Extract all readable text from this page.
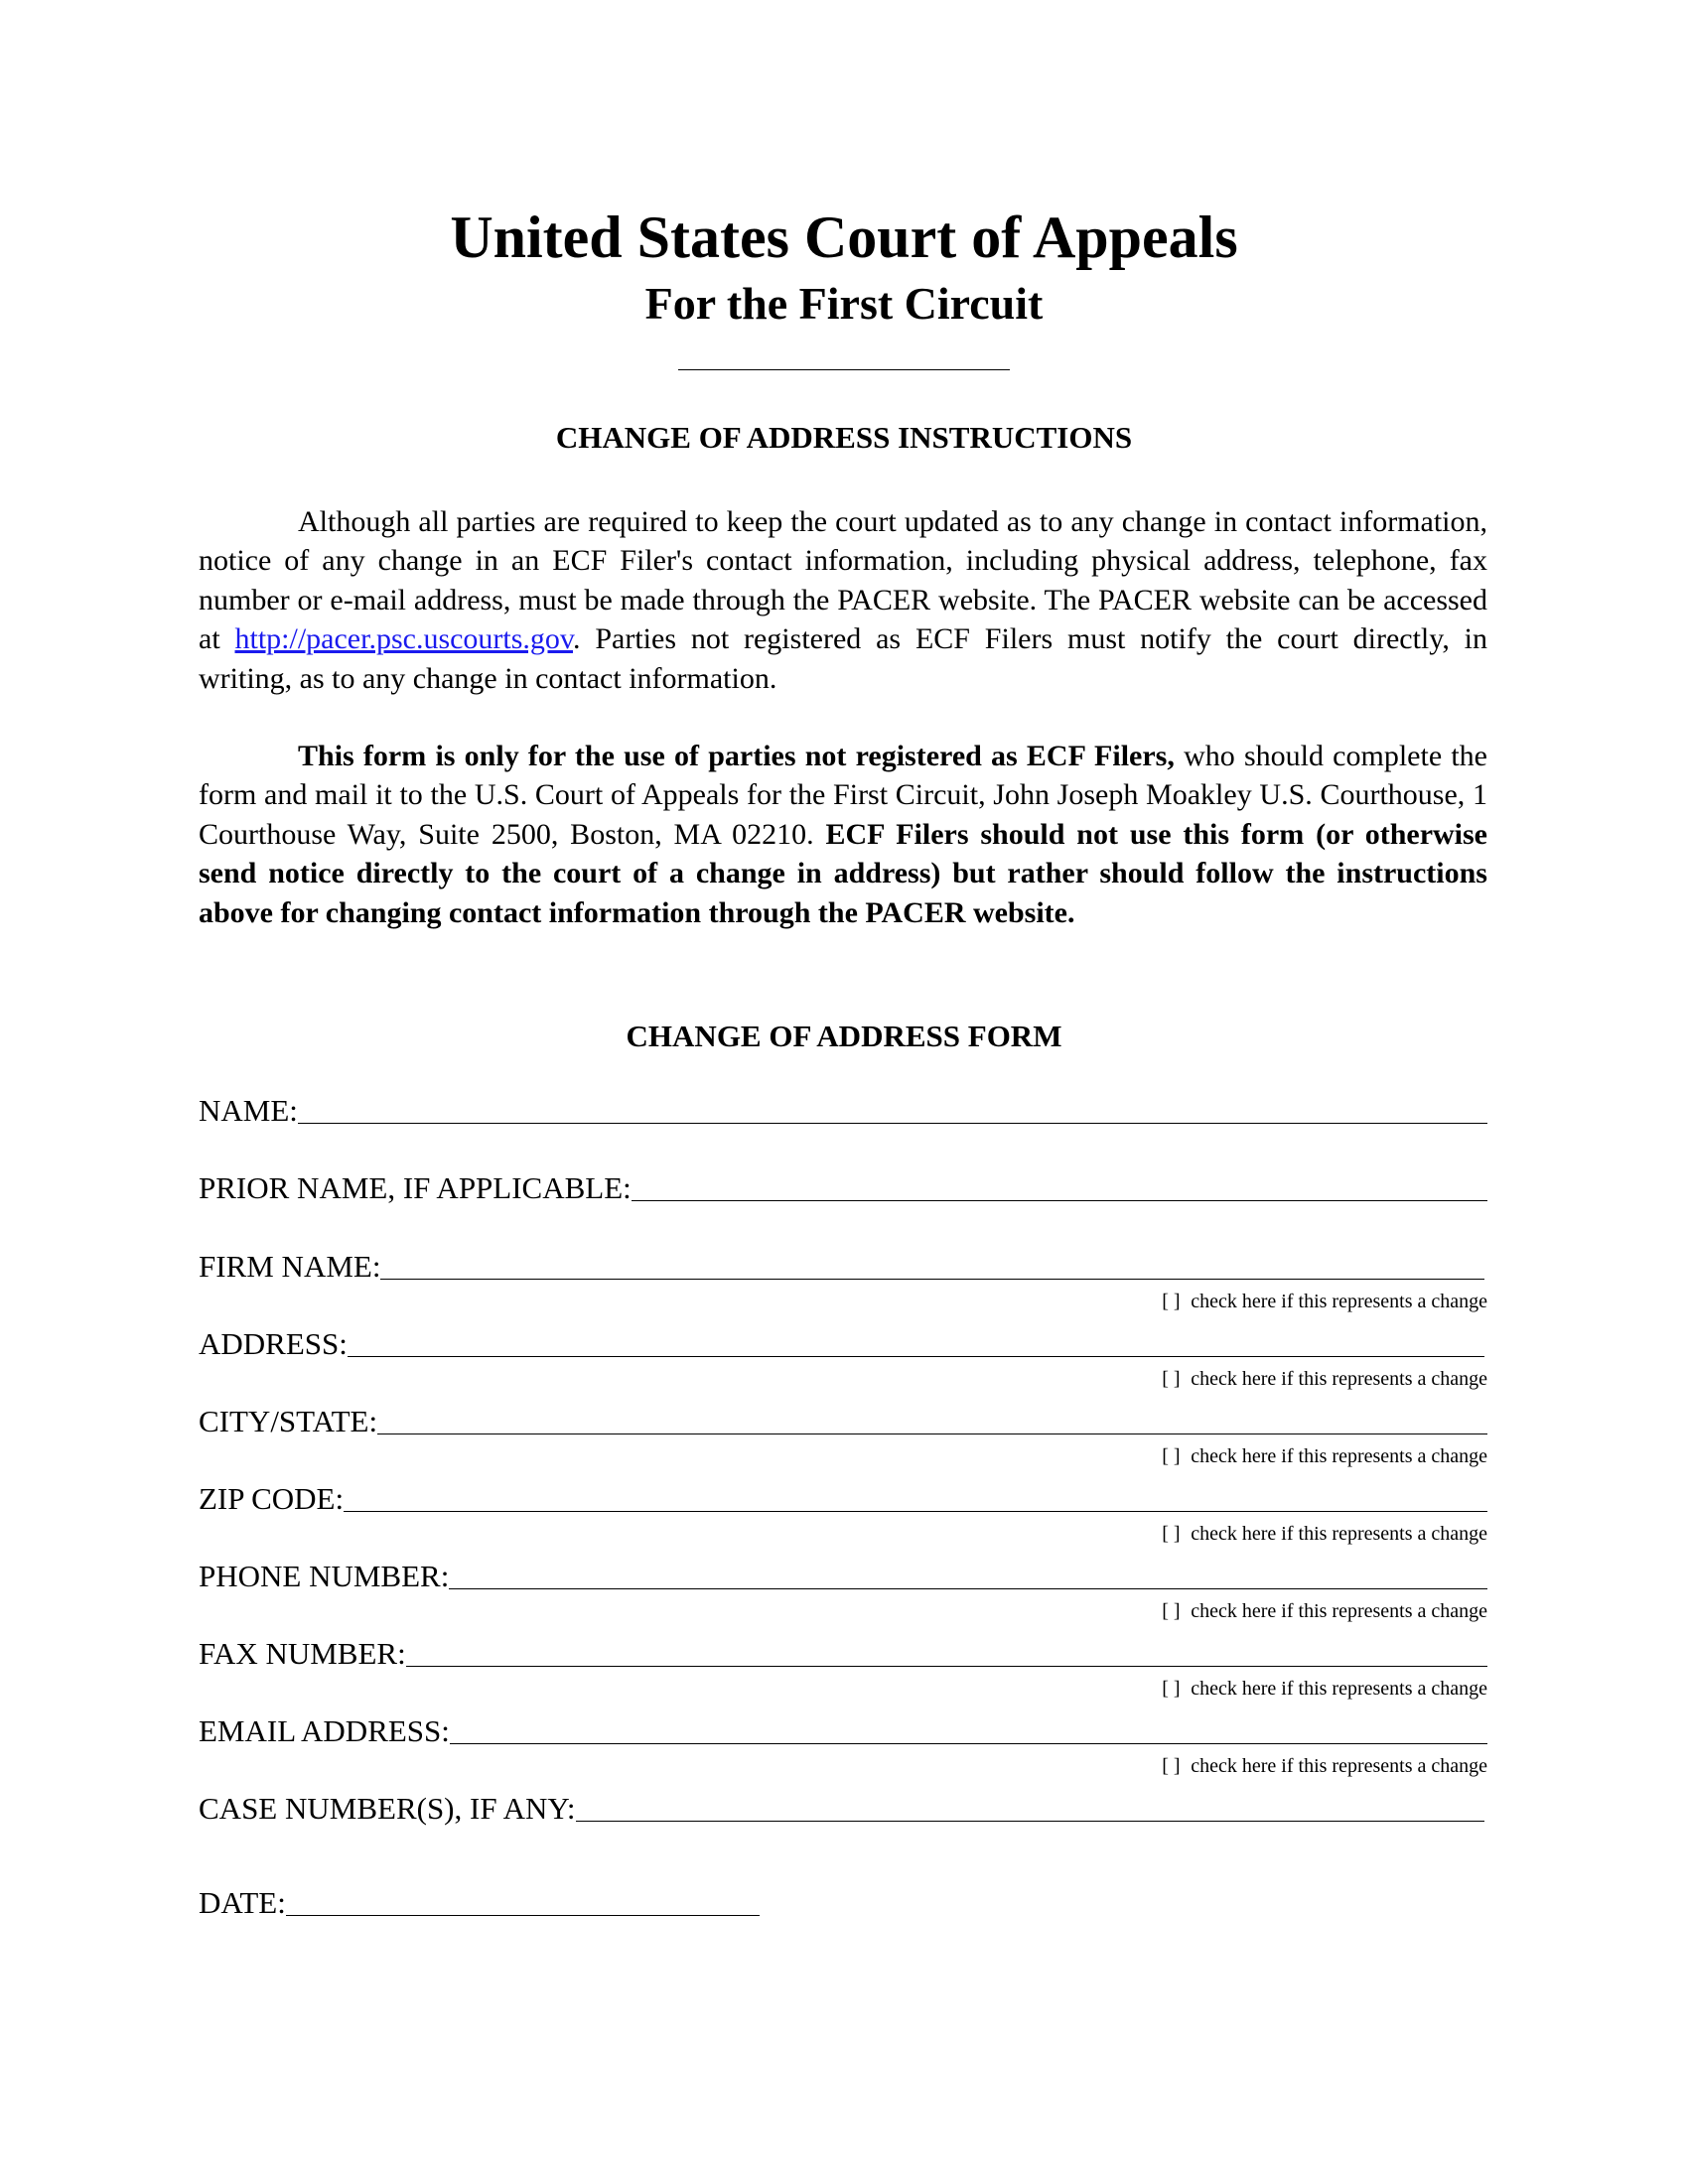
United States Court of Appeals
For the First Circuit
CHANGE OF ADDRESS INSTRUCTIONS

Although all parties are required to keep the court updated as to any change in contact information, notice of any change in an ECF Filer's contact information, including physical address, telephone, fax number or e-mail address, must be made through the PACER website. The PACER website can be accessed at http://pacer.psc.uscourts.gov. Parties not registered as ECF Filers must notify the court directly, in writing, as to any change in contact information.

This form is only for the use of parties not registered as ECF Filers, who should complete the form and mail it to the U.S. Court of Appeals for the First Circuit, John Joseph Moakley U.S. Courthouse, 1 Courthouse Way, Suite 2500, Boston, MA 02210. ECF Filers should not use this form (or otherwise send notice directly to the court of a change in address) but rather should follow the instructions above for changing contact information through the PACER website.

CHANGE OF ADDRESS FORM
NAME:
PRIOR NAME, IF APPLICABLE:
FIRM NAME:
[ ] check here if this represents a change
ADDRESS:
[ ] check here if this represents a change
CITY/STATE:
[ ] check here if this represents a change
ZIP CODE:
[ ] check here if this represents a change
PHONE NUMBER:
[ ] check here if this represents a change
FAX NUMBER:
[ ] check here if this represents a change
EMAIL ADDRESS:
[ ] check here if this represents a change
CASE NUMBER(S), IF ANY:
DATE:
